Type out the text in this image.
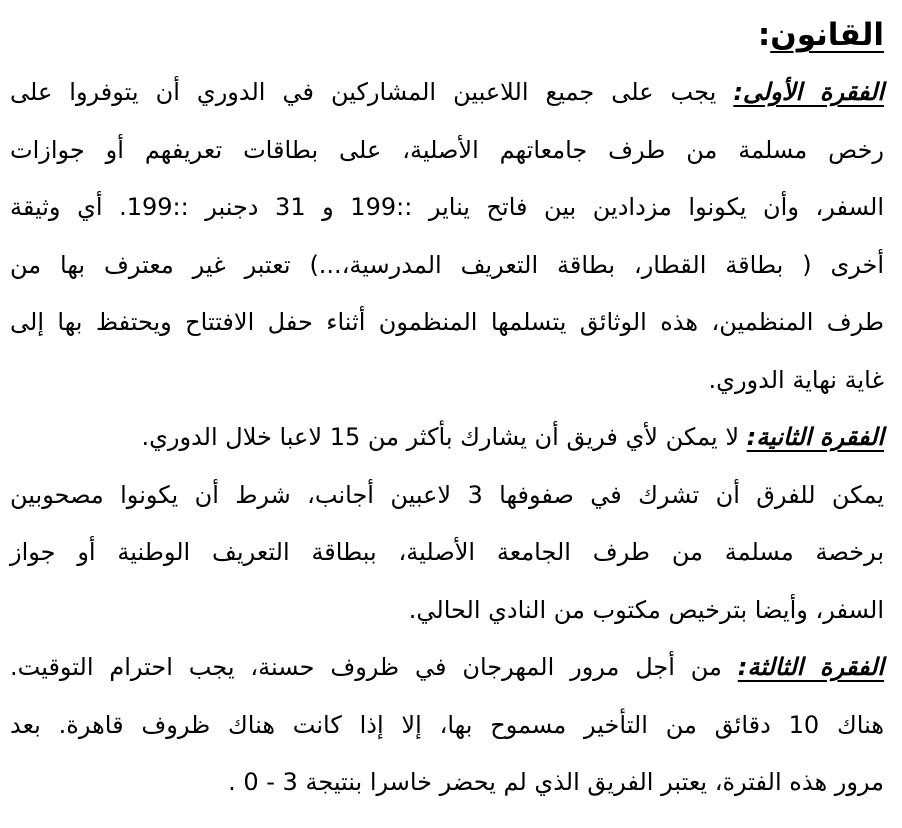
القانون:
الفقرة الأولى: يجب على جميع اللاعبين المشاركين في الدوري أن يتوفروا على
رخص مسلمة من طرف جامعاتهم الأصلية، على بطاقات تعريفهم أو جوازات
السفر، وأن يكونوا مزدادين بين فاتح يناير ::199 و 31 دجنبر ::199. أي وثيقة
أخرى ( بطاقة القطار، بطاقة التعريف المدرسية،...) تعتبر غير معترف بها من
طرف المنظمين، هذه الوثائق يتسلمها المنظمون أثناء حفل الافتتاح ويحتفظ بها إلى
غاية نهاية الدوري.
الفقرة الثانية: لا يمكن لأي فريق أن يشارك بأكثر من 15 لاعبا خلال الدوري.
يمكن للفرق أن تشرك في صفوفها 3 لاعبين أجانب، شرط أن يكونوا مصحوبين
برخصة مسلمة من طرف الجامعة الأصلية، ببطاقة التعريف الوطنية أو جواز
السفر، وأيضا بترخيص مكتوب من النادي الحالي.
الفقرة الثالثة: من أجل مرور المهرجان في ظروف حسنة، يجب احترام التوقيت.
هناك 10 دقائق من التأخير مسموح بها، إلا إذا كانت هناك ظروف قاهرة. بعد
مرور هذه الفترة، يعتبر الفريق الذي لم يحضر خاسرا بنتيجة 3 - 0 .
